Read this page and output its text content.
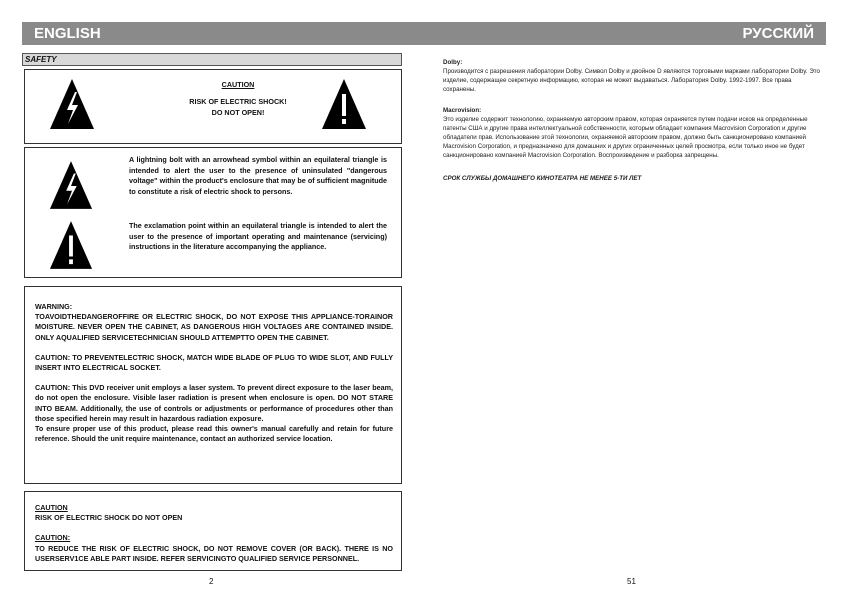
ENGLISH	РУССКИЙ
SAFETY
CAUTION
RISK OF ELECTRIC SHOCK!
DO NOT OPEN!
A lightning bolt with an arrowhead symbol within an equilateral triangle is intended to alert the user to the presence of uninsulated "dangerous voltage" within the product's enclosure that may be of sufficient magnitude to constitute a risk of electric shock to persons.
The exclamation point within an equilateral triangle is intended to alert the user to the presence of important operating and maintenance (servicing) instructions in the literature accompanying the appliance.

WARNING:

TOAVOIDTHEDANGEROFFIRE OR ELECTRIC SHOCK, DO NOT EXPOSE THIS APPLIANCE-TORAINOR MOISTURE. NEVER OPEN THE CABINET, AS DANGEROUS HIGH VOLTAGES ARE CONTAINED INSIDE. ONLY AQUALIFIED SERVICETECHNICIAN SHOULD ATTEMPTTO OPEN THE CABINET.

CAUTION: TO PREVENTELECTRIC SHOCK, MATCH WIDE BLADE OF PLUG TO WIDE SLOT, AND FULLY INSERT INTO ELECTRICAL SOCKET.

CAUTION: This DVD receiver unit employs a laser system. To prevent direct exposure to the laser beam, do not open the enclosure. Visible laser radiation is present when enclosure is open. DO NOT STARE INTO BEAM. Additionally, the use of controls or adjustments or performance of procedures other than those specified herein may result in hazardous radiation exposure.

To ensure proper use of this product, please read this owner's manual carefully and retain for future reference. Should the unit require maintenance, contact an authorized service location.

CAUTION

RISK OF ELECTRIC SHOCK DO NOT OPEN

CAUTION:

TO REDUCE THE RISK OF ELECTRIC SHOCK, DO NOT REMOVE COVER (OR BACK). THERE IS NO USERSERV1CE ABLE PART INSIDE. REFER SERVICINGTO QUALIFIED SERVICE PERSONNEL.

Dolby:

Производится с разрешения лаборатории Dolby. Символ Dolby и двойное D являются торговыми марками лаборатории Dolby. Это изделие, содержащее секретную информацию, которая не может выдаваться. Лаборатория Dolby. 1992-1997. Все права сохранены.

Macrovision:

Это изделие содержит технологию, охраняемую авторским правом, которая охраняется путем подачи исков на определенные патенты США и другие права интеллектуальной собственности, которым обладает компания Macrovision Corporation и другие обладатели прав. Использование этой технологии, охраняемой авторским правом, должно быть санкционировано компанией Macrovision Corporation, и предназначено для домашних и других ограниченных целей просмотра, если только иное не будет санкционировано компанией Macrovision Corporation. Воспроизведение и разборка запрещены.

СРОК СЛУЖБЫ ДОМАШНЕГО КИНОТЕАТРА НЕ МЕНЕЕ 5-ТИ ЛЕТ
2	51
